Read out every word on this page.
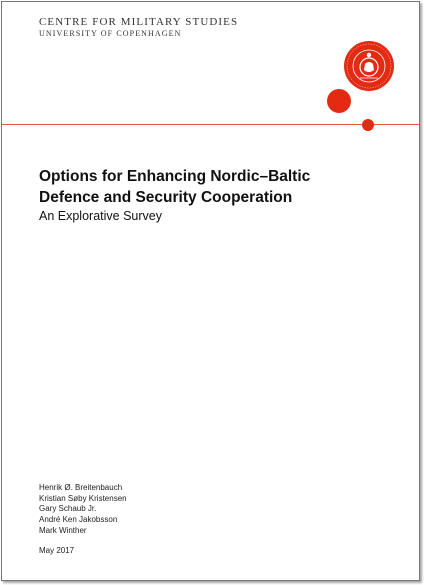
CENTRE FOR MILITARY STUDIES
UNIVERSITY OF COPENHAGEN
Options for Enhancing Nordic–Baltic
Defence and Security Cooperation
An Explorative Survey
Henrik Ø. Breitenbauch
Kristian Søby Kristensen
Gary Schaub Jr.
André Ken Jakobsson
Mark Winther
May 2017
